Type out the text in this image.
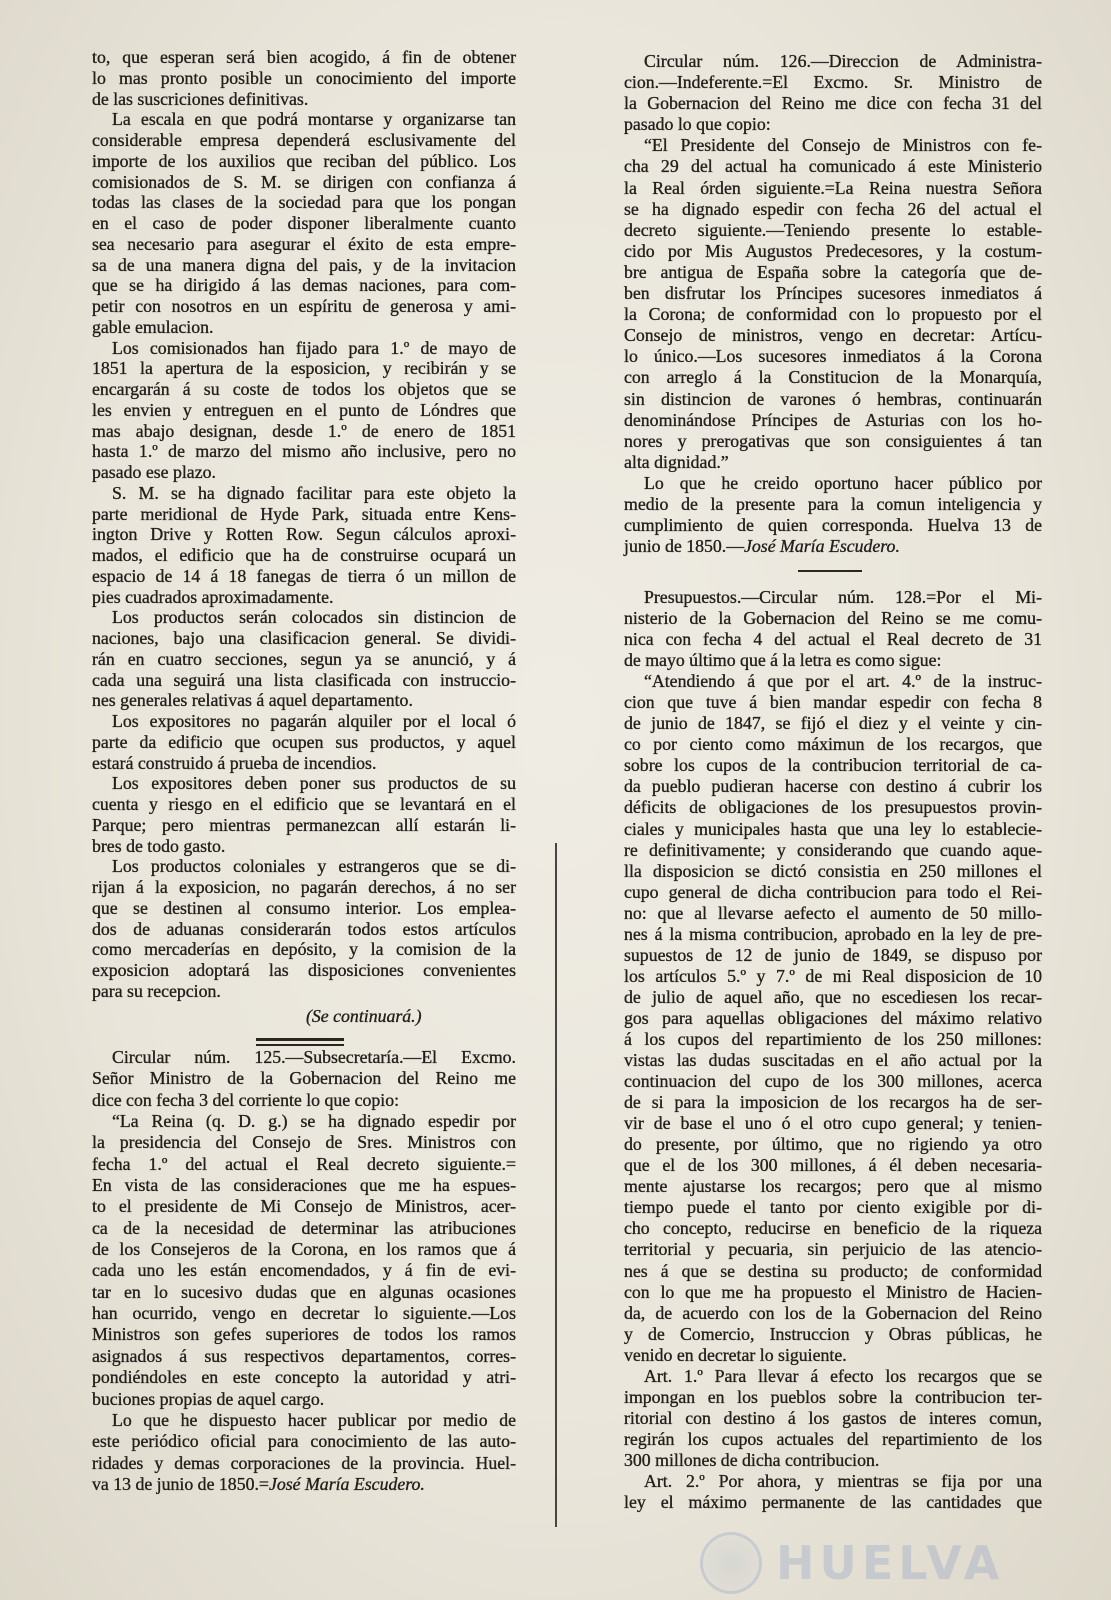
to, que esperan será bien acogido, á fin de obtener
lo mas pronto posible un conocimiento del importe
de las suscriciones definitivas.
La escala en que podrá montarse y organizarse tan
considerable empresa dependerá esclusivamente del
importe de los auxilios que reciban del público. Los
comisionados de S. M. se dirigen con confianza á
todas las clases de la sociedad para que los pongan
en el caso de poder disponer liberalmente cuanto
sea necesario para asegurar el éxito de esta empre-
sa de una manera digna del pais, y de la invitacion
que se ha dirigido á las demas naciones, para com-
petir con nosotros en un espíritu de generosa y ami-
gable emulacion.
Los comisionados han fijado para 1.º de mayo de
1851 la apertura de la esposicion, y recibirán y se
encargarán á su coste de todos los objetos que se
les envien y entreguen en el punto de Lóndres que
mas abajo designan, desde 1.º de enero de 1851
hasta 1.º de marzo del mismo año inclusive, pero no
pasado ese plazo.
S. M. se ha dignado facilitar para este objeto la
parte meridional de Hyde Park, situada entre Kens-
ington Drive y Rotten Row. Segun cálculos aproxi-
mados, el edificio que ha de construirse ocupará un
espacio de 14 á 18 fanegas de tierra ó un millon de
pies cuadrados aproximadamente.
Los productos serán colocados sin distincion de
naciones, bajo una clasificacion general. Se dividi-
rán en cuatro secciones, segun ya se anunció, y á
cada una seguirá una lista clasificada con instruccio-
nes generales relativas á aquel departamento.
Los expositores no pagarán alquiler por el local ó
parte da edificio que ocupen sus productos, y aquel
estará construido á prueba de incendios.
Los expositores deben poner sus productos de su
cuenta y riesgo en el edificio que se levantará en el
Parque; pero mientras permanezcan allí estarán li-
bres de todo gasto.
Los productos coloniales y estrangeros que se di-
rijan á la exposicion, no pagarán derechos, á no ser
que se destinen al consumo interior. Los emplea-
dos de aduanas considerarán todos estos artículos
como mercaderías en depósito, y la comision de la
exposicion adoptará las disposiciones convenientes
para su recepcion.
(Se continuará.)
Circular núm. 125.—Subsecretaría.—El Excmo.
Señor Ministro de la Gobernacion del Reino me
dice con fecha 3 del corriente lo que copio:
“La Reina (q. D. g.) se ha dignado espedir por
la presidencia del Consejo de Sres. Ministros con
fecha 1.º del actual el Real decreto siguiente.=
En vista de las consideraciones que me ha espues-
to el presidente de Mi Consejo de Ministros, acer-
ca de la necesidad de determinar las atribuciones
de los Consejeros de la Corona, en los ramos que á
cada uno les están encomendados, y á fin de evi-
tar en lo sucesivo dudas que en algunas ocasiones
han ocurrido, vengo en decretar lo siguiente.—Los
Ministros son gefes superiores de todos los ramos
asignados á sus respectivos departamentos, corres-
pondiéndoles en este concepto la autoridad y atri-
buciones propias de aquel cargo.
Lo que he dispuesto hacer publicar por medio de
este periódico oficial para conocimiento de las auto-
ridades y demas corporaciones de la provincia. Huel-
va 13 de junio de 1850.=José María Escudero.
Circular núm. 126.—Direccion de Administra-
cion.—Indeferente.=El Excmo. Sr. Ministro de
la Gobernacion del Reino me dice con fecha 31 del
pasado lo que copio:
“El Presidente del Consejo de Ministros con fe-
cha 29 del actual ha comunicado á este Ministerio
la Real órden siguiente.=La Reina nuestra Señora
se ha dignado espedir con fecha 26 del actual el
decreto siguiente.—Teniendo presente lo estable-
cido por Mis Augustos Predecesores, y la costum-
bre antigua de España sobre la categoría que de-
ben disfrutar los Príncipes sucesores inmediatos á
la Corona; de conformidad con lo propuesto por el
Consejo de ministros, vengo en decretar: Artícu-
lo único.—Los sucesores inmediatos á la Corona
con arreglo á la Constitucion de la Monarquía,
sin distincion de varones ó hembras, continuarán
denominándose Príncipes de Asturias con los ho-
nores y prerogativas que son consiguientes á tan
alta dignidad.”
Lo que he creido oportuno hacer público por
medio de la presente para la comun inteligencia y
cumplimiento de quien corresponda. Huelva 13 de
junio de 1850.—José María Escudero.
Presupuestos.—Circular núm. 128.=Por el Mi-
nisterio de la Gobernacion del Reino se me comu-
nica con fecha 4 del actual el Real decreto de 31
de mayo último que á la letra es como sigue:
“Atendiendo á que por el art. 4.º de la instruc-
cion que tuve á bien mandar espedir con fecha 8
de junio de 1847, se fijó el diez y el veinte y cin-
co por ciento como máximun de los recargos, que
sobre los cupos de la contribucion territorial de ca-
da pueblo pudieran hacerse con destino á cubrir los
déficits de obligaciones de los presupuestos provin-
ciales y municipales hasta que una ley lo establecie-
re definitivamente; y considerando que cuando aque-
lla disposicion se dictó consistia en 250 millones el
cupo general de dicha contribucion para todo el Rei-
no: que al llevarse aefecto el aumento de 50 millo-
nes á la misma contribucion, aprobado en la ley de pre-
supuestos de 12 de junio de 1849, se dispuso por
los artículos 5.º y 7.º de mi Real disposicion de 10
de julio de aquel año, que no escediesen los recar-
gos para aquellas obligaciones del máximo relativo
á los cupos del repartimiento de los 250 millones:
vistas las dudas suscitadas en el año actual por la
continuacion del cupo de los 300 millones, acerca
de si para la imposicion de los recargos ha de ser-
vir de base el uno ó el otro cupo general; y tenien-
do presente, por último, que no rigiendo ya otro
que el de los 300 millones, á él deben necesaria-
mente ajustarse los recargos; pero que al mismo
tiempo puede el tanto por ciento exigible por di-
cho concepto, reducirse en beneficio de la riqueza
territorial y pecuaria, sin perjuicio de las atencio-
nes á que se destina su producto; de conformidad
con lo que me ha propuesto el Ministro de Hacien-
da, de acuerdo con los de la Gobernacion del Reino
y de Comercio, Instruccion y Obras públicas, he
venido en decretar lo siguiente.
Art. 1.º Para llevar á efecto los recargos que se
impongan en los pueblos sobre la contribucion ter-
ritorial con destino á los gastos de interes comun,
regirán los cupos actuales del repartimiento de los
300 millones de dicha contribucion.
Art. 2.º Por ahora, y mientras se fija por una
ley el máximo permanente de las cantidades que
HUELVA
